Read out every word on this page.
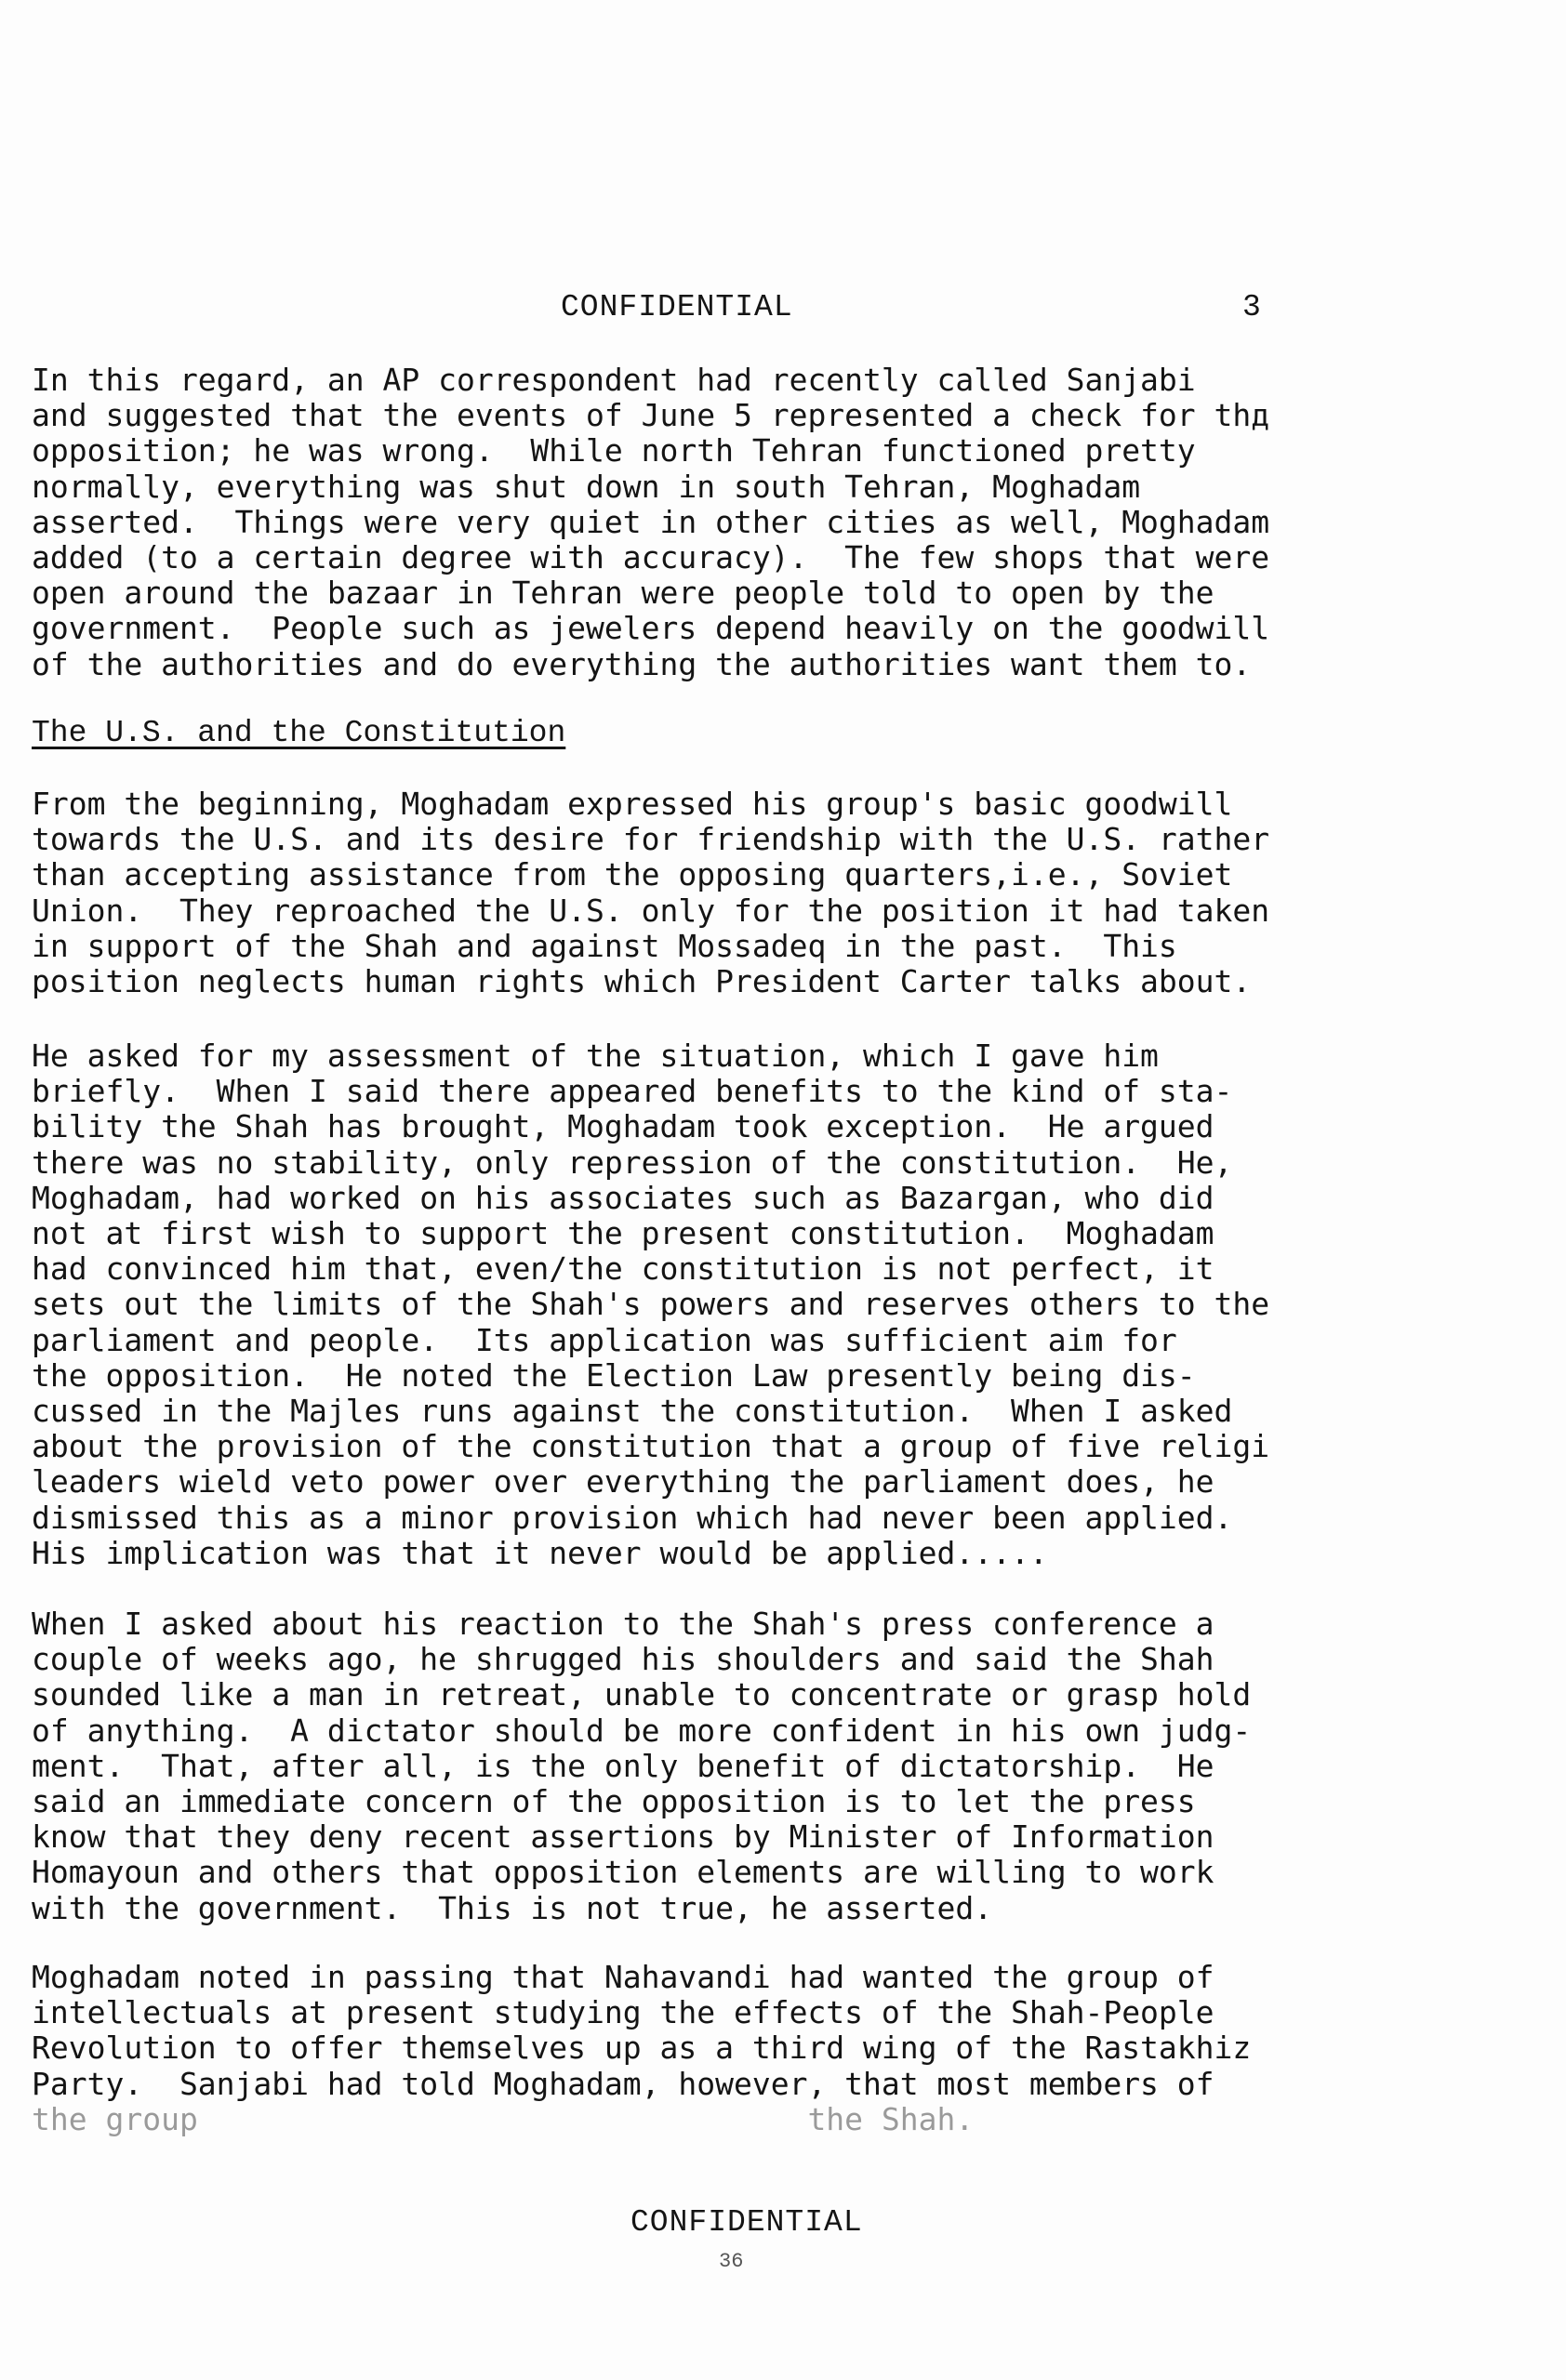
CONFIDENTIAL	3
In this regard, an AP correspondent had recently called Sanjabi
and suggested that the events of June 5 represented a check for thд
opposition; he was wrong.  While north Tehran functioned pretty
normally, everything was shut down in south Tehran, Moghadam
asserted.  Things were very quiet in other cities as well, Moghadam
added (to a certain degree with accuracy).  The few shops that were
open around the bazaar in Tehran were people told to open by the
government.  People such as jewelers depend heavily on the goodwill
of the authorities and do everything the authorities want them to.
The U.S. and the Constitution
From the beginning, Moghadam expressed his group's basic goodwill
towards the U.S. and its desire for friendship with the U.S. rather
than accepting assistance from the opposing quarters,i.e., Soviet
Union.  They reproached the U.S. only for the position it had taken
in support of the Shah and against Mossadeq in the past.  This
position neglects human rights which President Carter talks about.
He asked for my assessment of the situation, which I gave him
briefly.  When I said there appeared benefits to the kind of sta-
bility the Shah has brought, Moghadam took exception.  He argued
there was no stability, only repression of the constitution.  He,
Moghadam, had worked on his associates such as Bazargan, who did
not at first wish to support the present constitution.  Moghadam
had convinced him that, even/the constitution is not perfect, it
sets out the limits of the Shah's powers and reserves others to the
parliament and people.  Its application was sufficient aim for
the opposition.  He noted the Election Law presently being dis-
cussed in the Majles runs against the constitution.  When I asked
about the provision of the constitution that a group of five religi
leaders wield veto power over everything the parliament does, he
dismissed this as a minor provision which had never been applied.
His implication was that it never would be applied.....
When I asked about his reaction to the Shah's press conference a
couple of weeks ago, he shrugged his shoulders and said the Shah
sounded like a man in retreat, unable to concentrate or grasp hold
of anything.  A dictator should be more confident in his own judg-
ment.  That, after all, is the only benefit of dictatorship.  He
said an immediate concern of the opposition is to let the press
know that they deny recent assertions by Minister of Information
Homayoun and others that opposition elements are willing to work
with the government.  This is not true, he asserted.
Moghadam noted in passing that Nahavandi had wanted the group of
intellectuals at present studying the effects of the Shah-People
Revolution to offer themselves up as a third wing of the Rastakhiz
Party.  Sanjabi had told Moghadam, however, that most members of
the group                                 the Shah.
CONFIDENTIAL
36
